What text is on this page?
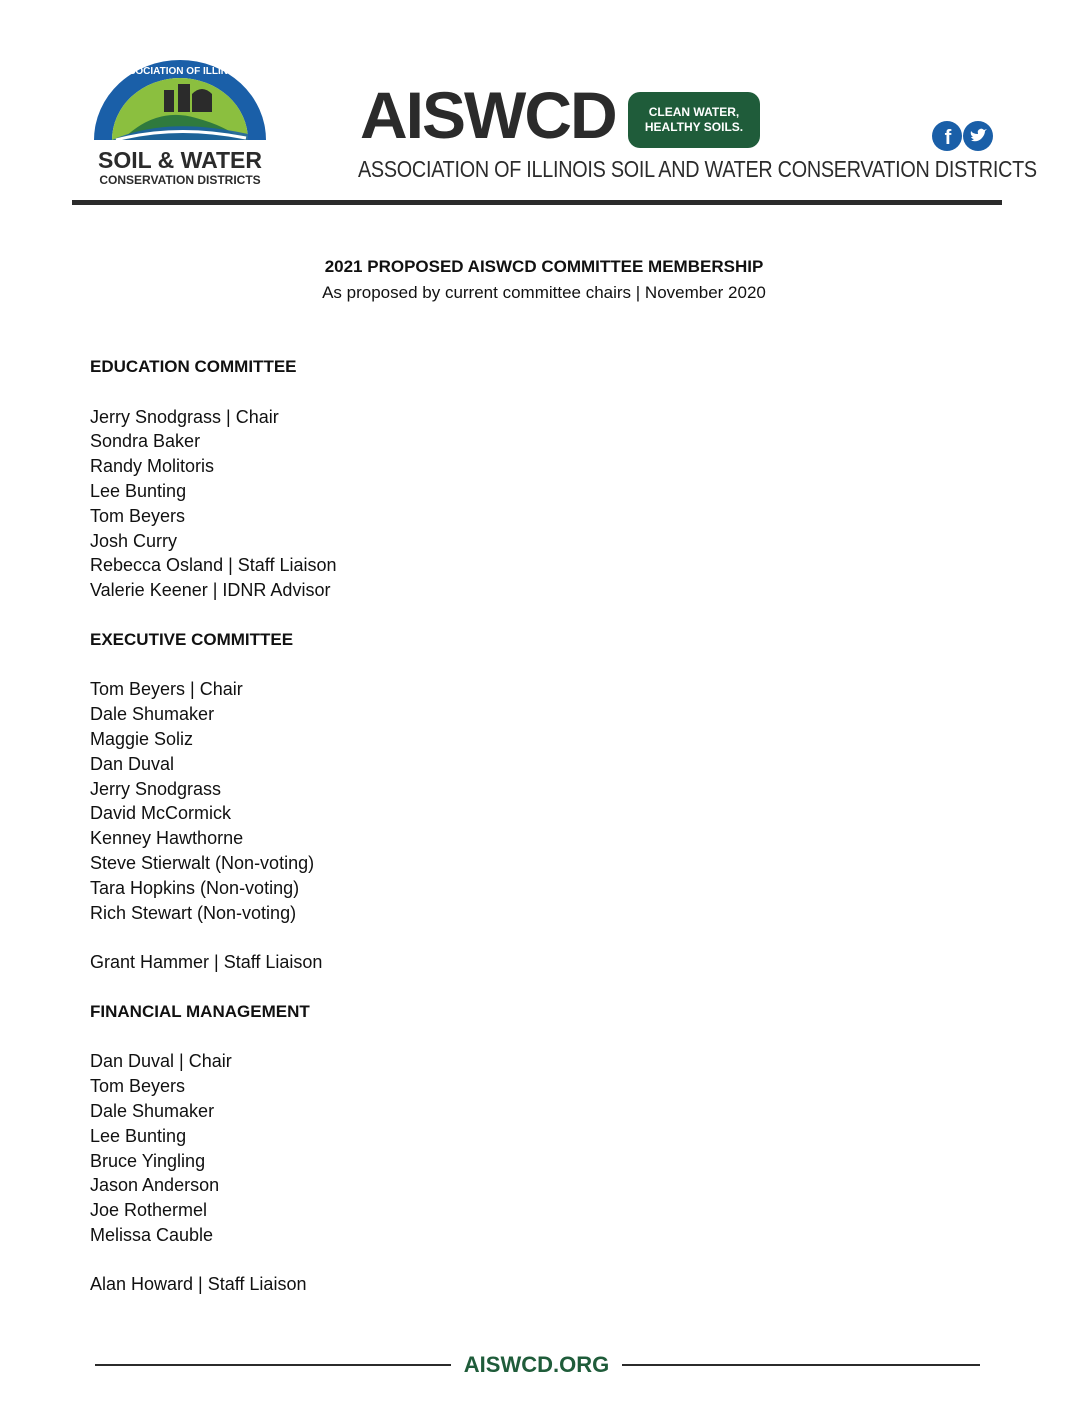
ASSOCIATION OF ILLINOIS
SOIL & WATER
CONSERVATION DISTRICTS
AISWCD	CLEAN WATER,
HEALTHY SOILS.	f
ASSOCIATION OF ILLINOIS SOIL AND WATER CONSERVATION DISTRICTS
2021 PROPOSED AISWCD COMMITTEE MEMBERSHIP
As proposed by current committee chairs | November 2020
EDUCATION COMMITTEE
Jerry Snodgrass | Chair
Sondra Baker
Randy Molitoris
Lee Bunting
Tom Beyers
Josh Curry
Rebecca Osland | Staff Liaison
Valerie Keener | IDNR Advisor
EXECUTIVE COMMITTEE
Tom Beyers | Chair
Dale Shumaker
Maggie Soliz
Dan Duval
Jerry Snodgrass
David McCormick
Kenney Hawthorne
Steve Stierwalt (Non-voting)
Tara Hopkins (Non-voting)
Rich Stewart (Non-voting)
Grant Hammer | Staff Liaison
FINANCIAL MANAGEMENT
Dan Duval | Chair
Tom Beyers
Dale Shumaker
Lee Bunting
Bruce Yingling
Jason Anderson
Joe Rothermel
Melissa Cauble
Alan Howard | Staff Liaison
AISWCD.ORG
